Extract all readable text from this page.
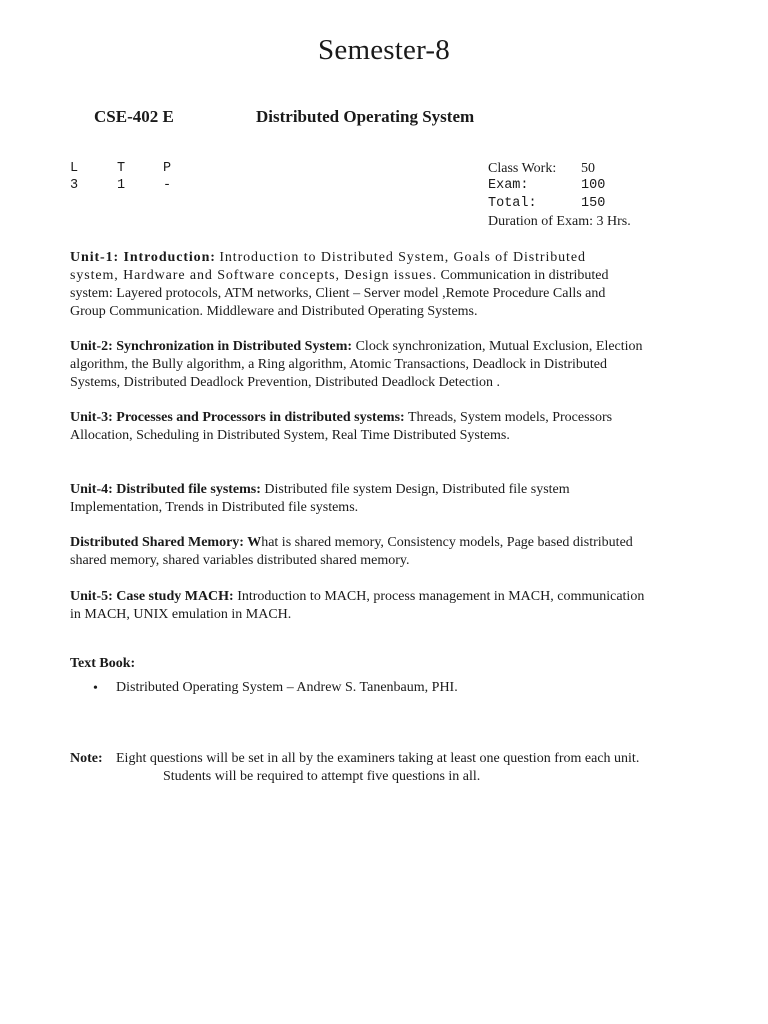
Semester-8
CSE-402 E	Distributed Operating System
L	T	P
3	1	-
Class Work: 50
Exam:	100
Total:	150
Duration of Exam: 3 Hrs.
Unit-1: Introduction: Introduction to Distributed System, Goals of Distributed
system, Hardware and Software concepts, Design issues. Communication in distributed
system: Layered protocols, ATM networks, Client – Server model ,Remote Procedure Calls and
Group Communication. Middleware and Distributed Operating Systems.
Unit-2: Synchronization in Distributed System: Clock synchronization, Mutual Exclusion, Election
algorithm, the Bully algorithm, a Ring algorithm, Atomic Transactions, Deadlock in Distributed
Systems, Distributed Deadlock Prevention, Distributed Deadlock Detection .
Unit-3: Processes and Processors in distributed systems: Threads, System models, Processors
Allocation, Scheduling in Distributed System, Real Time Distributed Systems.
Unit-4: Distributed file systems: Distributed file system Design, Distributed file system
Implementation, Trends in Distributed file systems.
Distributed Shared Memory: What is shared memory, Consistency models, Page based distributed
shared memory, shared variables distributed shared memory.
Unit-5: Case study MACH: Introduction to MACH, process management in MACH, communication
in MACH, UNIX emulation in MACH.
Text Book:
• Distributed Operating System – Andrew S. Tanenbaum, PHI.
Note: Eight questions will be set in all by the examiners taking at least one question from each unit.
Students will be required to attempt five questions in all.
